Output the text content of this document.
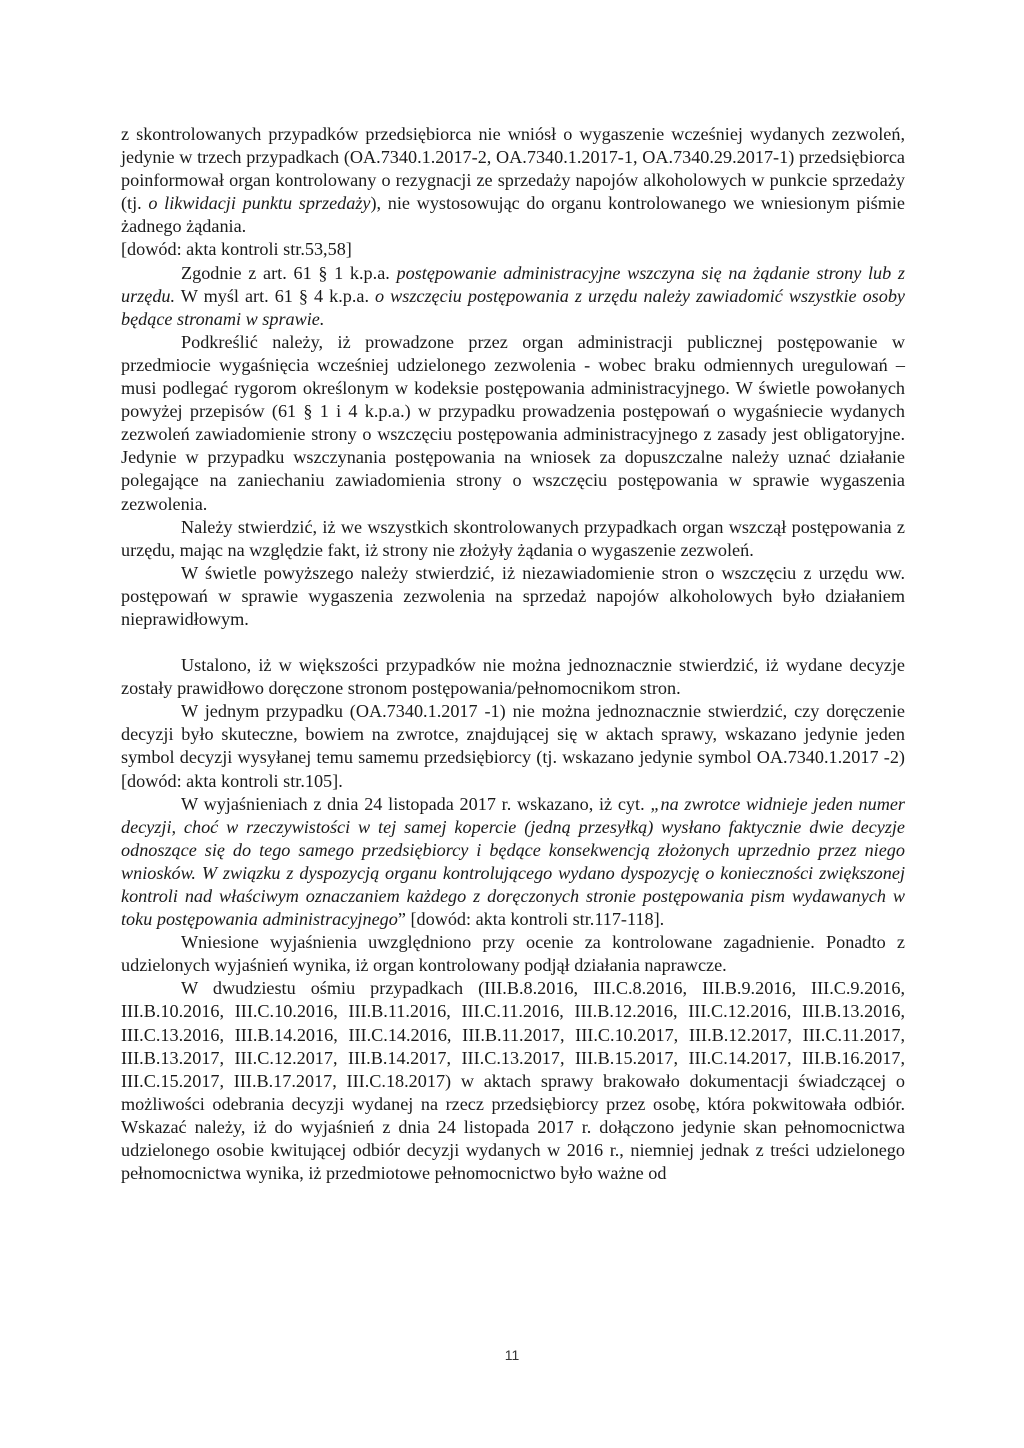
z skontrolowanych przypadków przedsiębiorca nie wniósł o wygaszenie wcześniej wydanych zezwoleń, jedynie w trzech przypadkach (OA.7340.1.2017-2, OA.7340.1.2017-1, OA.7340.29.2017-1) przedsiębiorca poinformował organ kontrolowany o rezygnacji ze sprzedaży napojów alkoholowych w punkcie sprzedaży (tj. o likwidacji punktu sprzedaży), nie wystosowując do organu kontrolowanego we wniesionym piśmie żadnego żądania.

[dowód: akta kontroli str.53,58]

Zgodnie z art. 61 § 1 k.p.a. postępowanie administracyjne wszczyna się na żądanie strony lub z urzędu. W myśl art. 61 § 4 k.p.a. o wszczęciu postępowania z urzędu należy zawiadomić wszystkie osoby będące stronami w sprawie.

Podkreślić należy, iż prowadzone przez organ administracji publicznej postępowanie w przedmiocie wygaśnięcia wcześniej udzielonego zezwolenia - wobec braku odmiennych uregulowań – musi podlegać rygorom określonym w kodeksie postępowania administracyjnego. W świetle powołanych powyżej przepisów (61 § 1 i 4 k.p.a.) w przypadku prowadzenia postępowań o wygaśniecie wydanych zezwoleń zawiadomienie strony o wszczęciu postępowania administracyjnego z zasady jest obligatoryjne. Jedynie w przypadku wszczynania postępowania na wniosek za dopuszczalne należy uznać działanie polegające na zaniechaniu zawiadomienia strony o wszczęciu postępowania w sprawie wygaszenia zezwolenia.

Należy stwierdzić, iż we wszystkich skontrolowanych przypadkach organ wszczął postępowania z urzędu, mając na względzie fakt, iż strony nie złożyły żądania o wygaszenie zezwoleń.

W świetle powyższego należy stwierdzić, iż niezawiadomienie stron o wszczęciu z urzędu ww. postępowań w sprawie wygaszenia zezwolenia na sprzedaż napojów alkoholowych było działaniem nieprawidłowym.

Ustalono, iż w większości przypadków nie można jednoznacznie stwierdzić, iż wydane decyzje zostały prawidłowo doręczone stronom postępowania/pełnomocnikom stron.

W jednym przypadku (OA.7340.1.2017 -1) nie można jednoznacznie stwierdzić, czy doręczenie decyzji było skuteczne, bowiem na zwrotce, znajdującej się w aktach sprawy, wskazano jedynie jeden symbol decyzji wysyłanej temu samemu przedsiębiorcy (tj. wskazano jedynie symbol OA.7340.1.2017 -2) [dowód: akta kontroli str.105].

W wyjaśnieniach z dnia 24 listopada 2017 r. wskazano, iż cyt. „na zwrotce widnieje jeden numer decyzji, choć w rzeczywistości w tej samej kopercie (jedną przesyłką) wysłano faktycznie dwie decyzje odnoszące się do tego samego przedsiębiorcy i będące konsekwencją złożonych uprzednio przez niego wniosków. W związku z dyspozycją organu kontrolującego wydano dyspozycję o konieczności zwiększonej kontroli nad właściwym oznaczaniem każdego z doręczonych stronie postępowania pism wydawanych w toku postępowania administracyjnego” [dowód: akta kontroli str.117-118].

Wniesione wyjaśnienia uwzględniono przy ocenie za kontrolowane zagadnienie. Ponadto z udzielonych wyjaśnień wynika, iż organ kontrolowany podjął działania naprawcze.

W dwudziestu ośmiu przypadkach (III.B.8.2016, III.C.8.2016, III.B.9.2016, III.C.9.2016, III.B.10.2016, III.C.10.2016, III.B.11.2016, III.C.11.2016, III.B.12.2016, III.C.12.2016, III.B.13.2016, III.C.13.2016, III.B.14.2016, III.C.14.2016, III.B.11.2017, III.C.10.2017, III.B.12.2017, III.C.11.2017, III.B.13.2017, III.C.12.2017, III.B.14.2017, III.C.13.2017, III.B.15.2017, III.C.14.2017, III.B.16.2017, III.C.15.2017, III.B.17.2017, III.C.18.2017) w aktach sprawy brakowało dokumentacji świadczącej o możliwości odebrania decyzji wydanej na rzecz przedsiębiorcy przez osobę, która pokwitowała odbiór. Wskazać należy, iż do wyjaśnień z dnia 24 listopada 2017 r. dołączono jedynie skan pełnomocnictwa udzielonego osobie kwitującej odbiór decyzji wydanych w 2016 r., niemniej jednak z treści udzielonego pełnomocnictwa wynika, iż przedmiotowe pełnomocnictwo było ważne od

11
